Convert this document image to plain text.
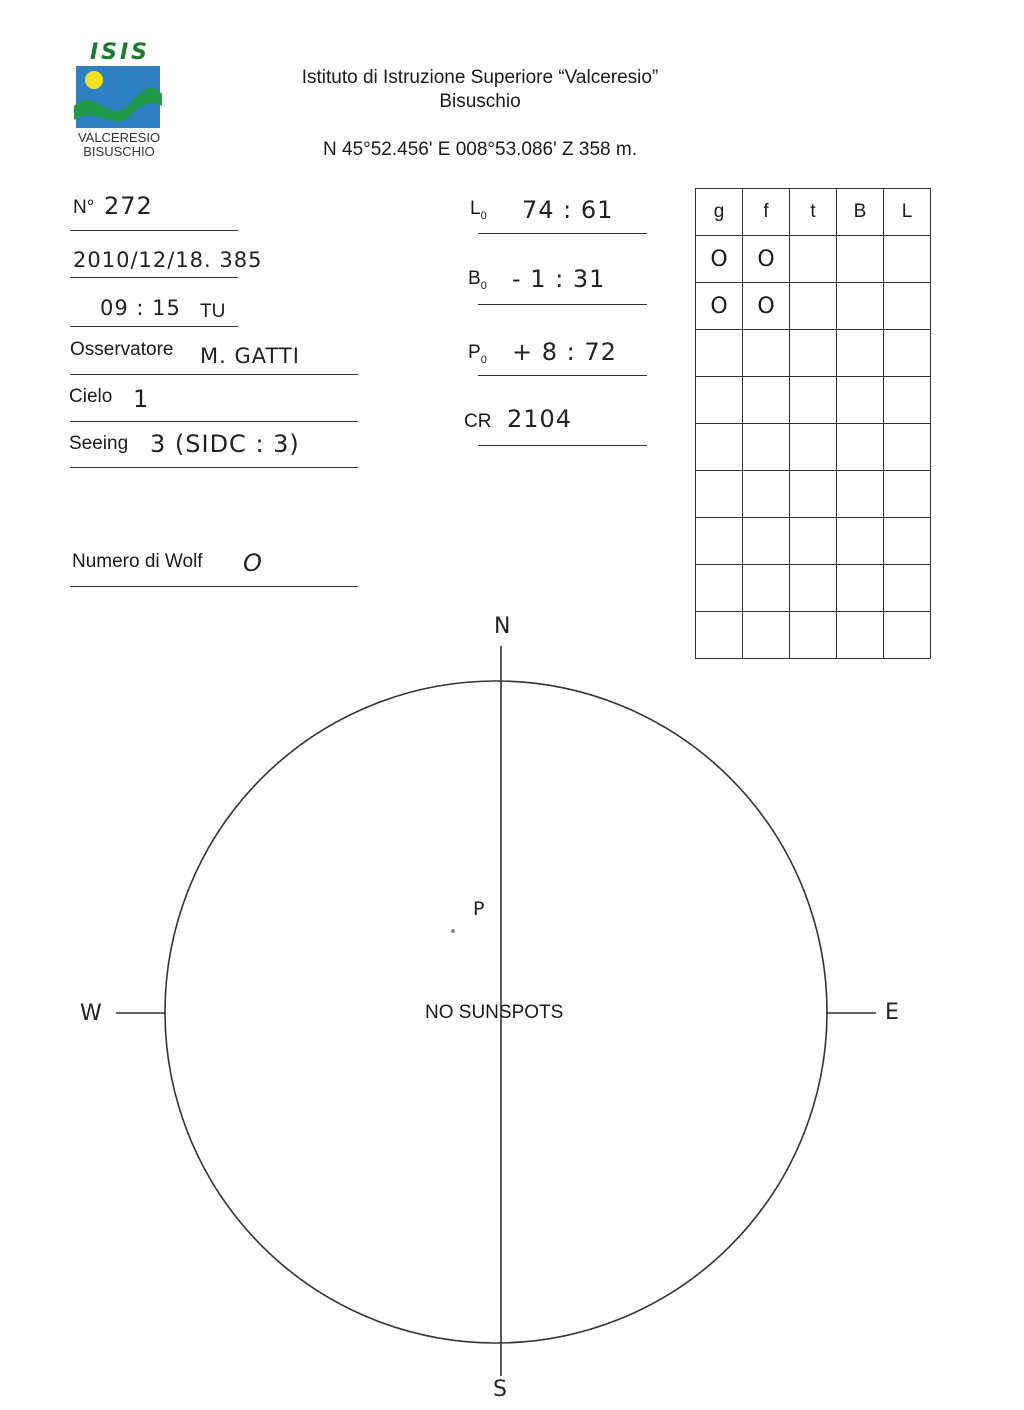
ISIS
VALCERESIO
BISUSCHIO
Istituto di Istruzione Superiore “Valceresio”
Bisuschio
N 45°52.456' E 008°53.086' Z 358 m.
N° 272
2010/12/18. 385
09 : 15 TU
Osservatore M. GATTI
Cielo 1
Seeing 3 (SIDC : 3)
Numero di Wolf O
$L_0$ 74 : 61
$B_0 - 1$ : 31
$P_0 + 8$ : 72
CR 2104
g	f	t	B	L
O	O			
O	O			

N
S
W	E
P
NO SUNSPOTS
